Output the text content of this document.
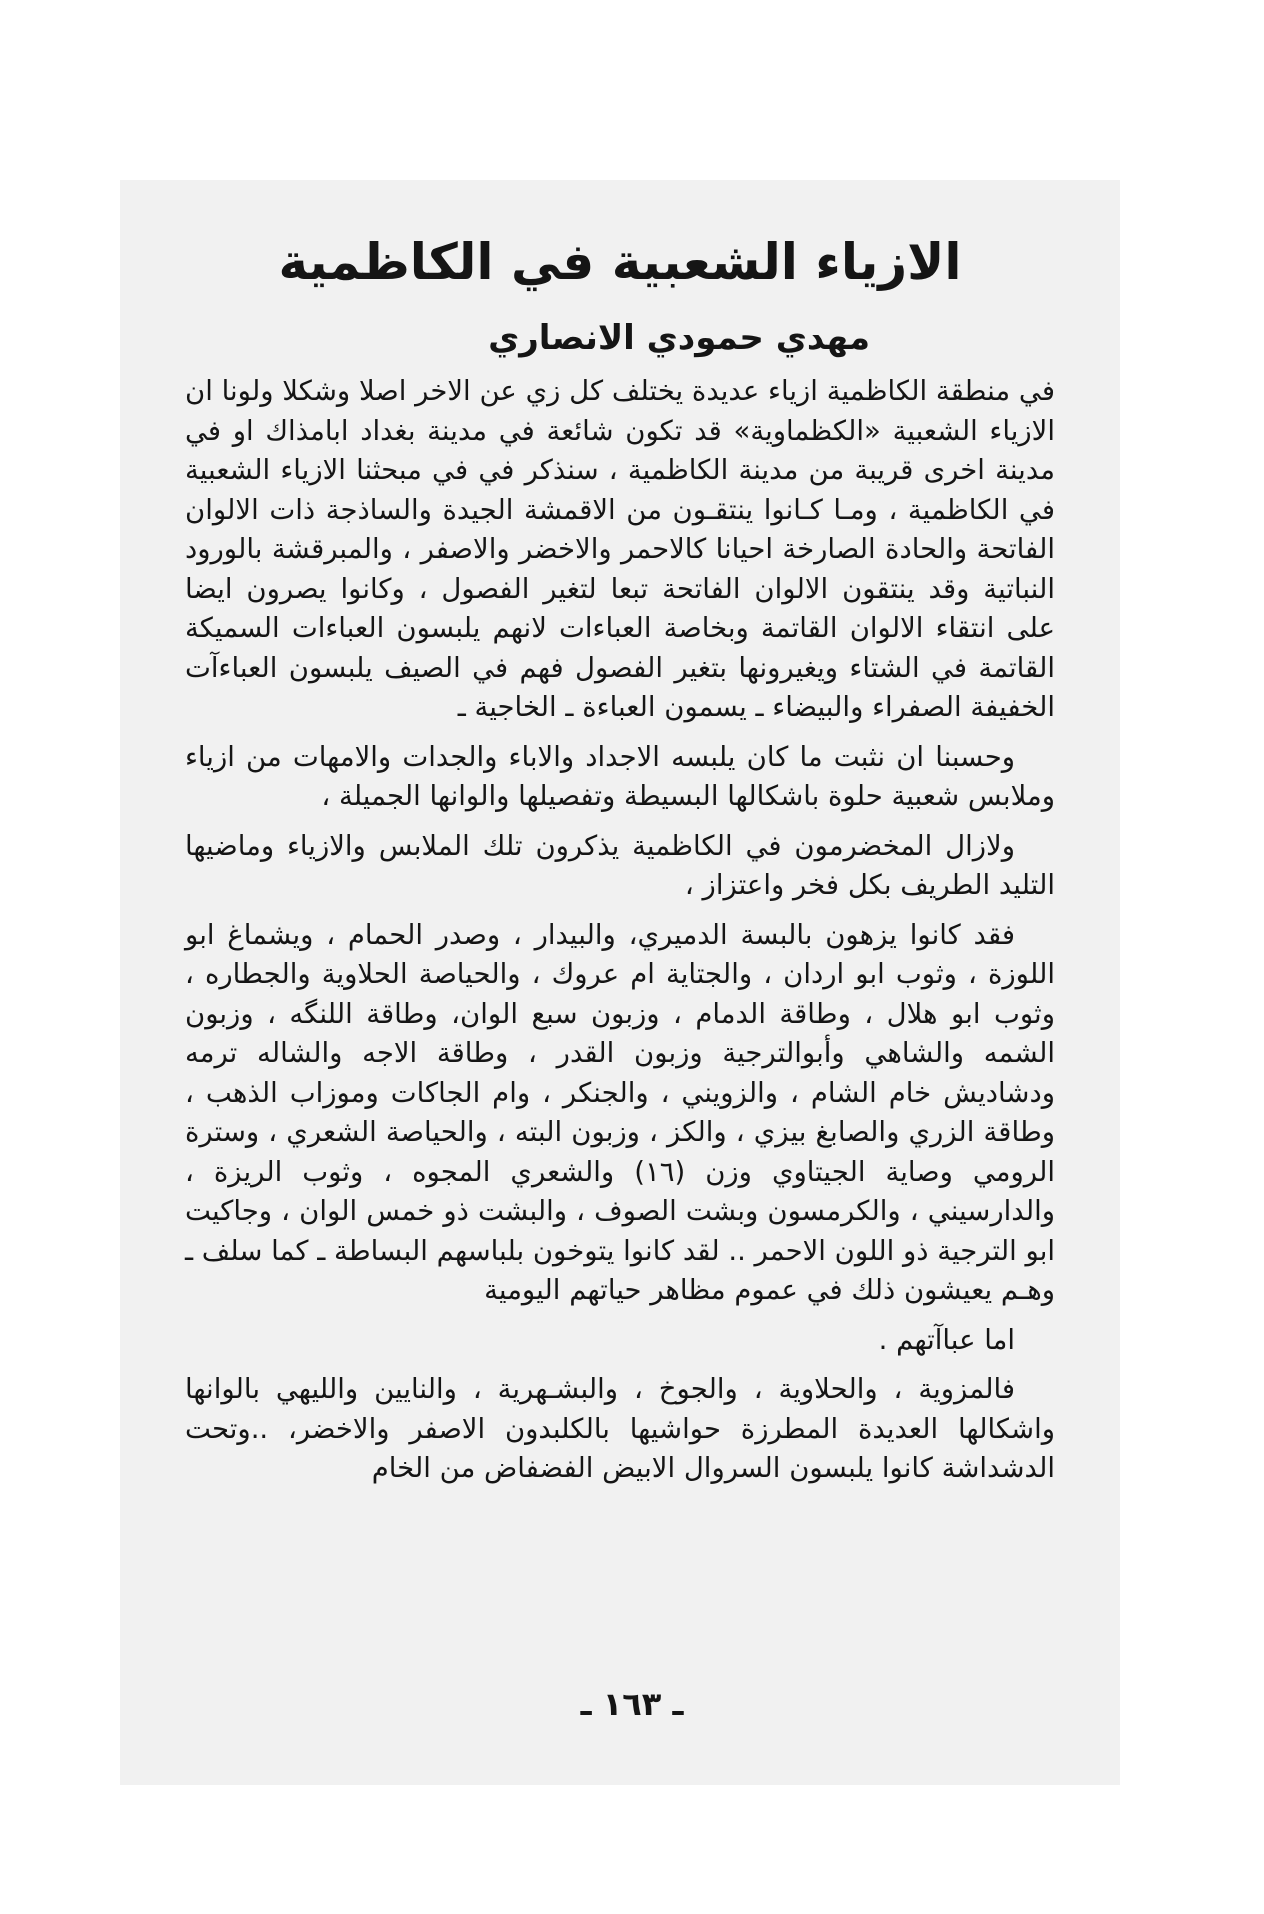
الازياء الشعبية في الكاظمية
مهدي حمودي الانصاري

في منطقة الكاظمية ازياء عديدة يختلف كل زي عن الاخر اصلا وشكلا ولونا ان الازياء الشعبية «الكظماوية» قد تكون شائعة في مدينة بغداد ابامذاك او في مدينة اخرى قريبة من مدينة الكاظمية ، سنذكر في في مبحثنا الازياء الشعبية في الكاظمية ، ومـا كـانوا ينتقـون من الاقمشة الجيدة والساذجة ذات الالوان الفاتحة والحادة الصارخة احيانا كالاحمر والاخضر والاصفر ، والمبرقشة بالورود النباتية وقد ينتقون الالوان الفاتحة تبعا لتغير الفصول ، وكانوا يصرون ايضا على انتقاء الالوان القاتمة وبخاصة العباءات لانهم يلبسون العباءات السميكة القاتمة في الشتاء ويغيرونها بتغير الفصول فهم في الصيف يلبسون العباءآت الخفيفة الصفراء والبيضاء ـ يسمون العباءة ـ الخاجية ـ

وحسبنا ان نثبت ما كان يلبسه الاجداد والاباء والجدات والامهات من ازياء وملابس شعبية حلوة باشكالها البسيطة وتفصيلها والوانها الجميلة ،

ولازال المخضرمون في الكاظمية يذكرون تلك الملابس والازياء وماضيها التليد الطريف بكل فخر واعتزاز ،

فقد كانوا يزهون بالبسة الدميري، والبيدار ، وصدر الحمام ، ويشماغ ابو اللوزة ، وثوب ابو اردان ، والجتاية ام عروك ، والحياصة الحلاوية والجطاره ، وثوب ابو هلال ، وطاقة الدمام ، وزبون سبع الوان، وطاقة اللنگه ، وزبون الشمه والشاهي وأبوالترجية وزبون القدر ، وطاقة الاجه والشاله ترمه ودشاديش خام الشام ، والزويني ، والجنكر ، وام الجاكات وموزاب الذهب ، وطاقة الزري والصابغ بيزي ، والكز ، وزبون البته ، والحياصة الشعري ، وسترة الرومي وصاية الجيتاوي وزن (١٦) والشعري المجوه ، وثوب الريزة ، والدارسيني ، والكرمسون وبشت الصوف ، والبشت ذو خمس الوان ، وجاكيت ابو الترجية ذو اللون الاحمر .. لقد كانوا يتوخون بلباسهم البساطة ـ كما سلف ـ وهـم يعيشون ذلك في عموم مظاهر حياتهم اليومية

اما عباآتهم .

فالمزوية ، والحلاوية ، والجوخ ، والبشـهرية ، والنايين والليهي بالوانها واشكالها العديدة المطرزة حواشيها بالكلبدون الاصفر والاخضر، ..وتحت الدشداشة كانوا يلبسون السروال الابيض الفضفاض من الخام

ـ ١٦٣ ـ
